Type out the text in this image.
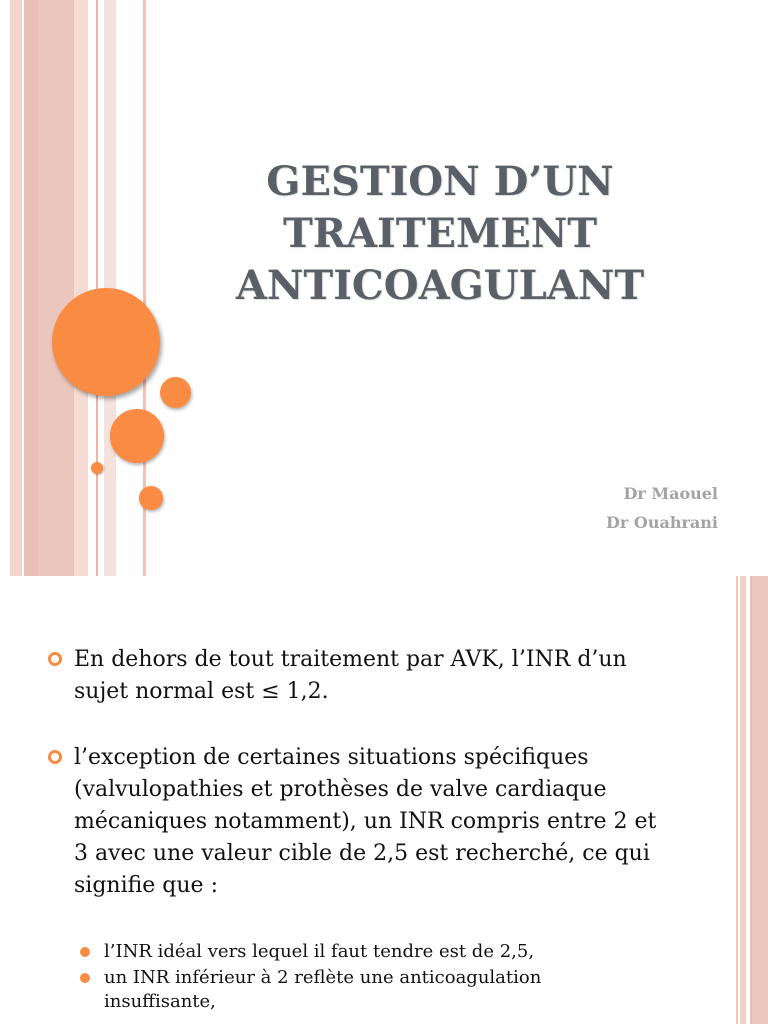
GESTION D’UN
TRAITEMENT
ANTICOAGULANT
Dr Maouel
Dr Ouahrani
En dehors de tout traitement par AVK, l’INR d’un
sujet normal est ≤ 1,2.
l’exception de certaines situations spécifiques
(valvulopathies et prothèses de valve cardiaque
mécaniques notamment), un INR compris entre 2 et
3 avec une valeur cible de 2,5 est recherché, ce qui
signifie que :
l’INR idéal vers lequel il faut tendre est de 2,5,
un INR inférieur à 2 reflète une anticoagulation
insuffisante,
